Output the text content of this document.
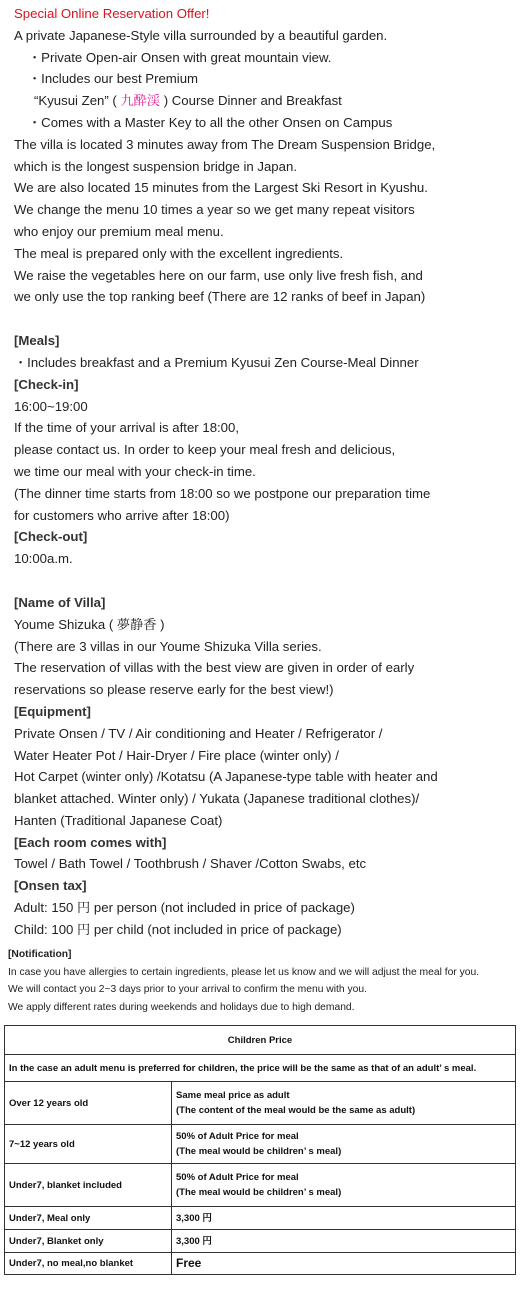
Special Online Reservation Offer!

A private Japanese-Style villa surrounded by a beautiful garden.

・Private Open-air Onsen with great mountain view.

・Includes our best Premium

“Kyusui Zen” ( 九酔渓 ) Course Dinner and Breakfast

・Comes with a Master Key to all the other Onsen on Campus

The villa is located 3 minutes away from The Dream Suspension Bridge,

which is the longest suspension bridge in Japan.

We are also located 15 minutes from the Largest Ski Resort in Kyushu.

We change the menu 10 times a year so we get many repeat visitors

who enjoy our premium meal menu.

The meal is prepared only with the excellent ingredients.

We raise the vegetables here on our farm, use only live fresh fish, and

we only use the top ranking beef (There are 12 ranks of beef in Japan)

[Meals]

・Includes breakfast and a Premium Kyusui Zen Course-Meal Dinner

[Check-in]

16:00~19:00

If the time of your arrival is after 18:00,

please contact us. In order to keep your meal fresh and delicious,

we time our meal with your check-in time.

(The dinner time starts from 18:00 so we postpone our preparation time

for customers who arrive after 18:00)

[Check-out]

10:00a.m.

[Name of Villa]

Youme Shizuka ( 夢静香 )

(There are 3 villas in our Youme Shizuka Villa series.

The reservation of villas with the best view are given in order of early

reservations so please reserve early for the best view!)

[Equipment]

Private Onsen / TV / Air conditioning and Heater / Refrigerator /

Water Heater Pot / Hair-Dryer / Fire place (winter only) /

Hot Carpet (winter only) /Kotatsu (A Japanese-type table with heater and

blanket attached. Winter only) / Yukata (Japanese traditional clothes)/

Hanten (Traditional Japanese Coat)

[Each room comes with]

Towel / Bath Towel / Toothbrush / Shaver /Cotton Swabs, etc

[Onsen tax]

Adult: 150 円 per person (not included in price of package)

Child: 100 円 per child (not included in price of package)

[Notification]

In case you have allergies to certain ingredients, please let us know and we will adjust the meal for you.

We will contact you 2~3 days prior to your arrival to confirm the menu with you.

We apply different rates during weekends and holidays due to high demand.

Children Price	
In the case an adult menu is preferred for children, the price will be the same as that of an adult’ s meal.	
Over 12 years old	Same meal price as adult
(The content of the meal would be the same as adult)

7~12 years old	50% of Adult Price for meal
(The meal would be children’ s meal)

Under7, blanket included	50% of Adult Price for meal
(The meal would be children’ s meal)

Under7, Meal only	3,300 円
Under7, Blanket only	3,300 円
Under7, no meal,no blanket	Free
